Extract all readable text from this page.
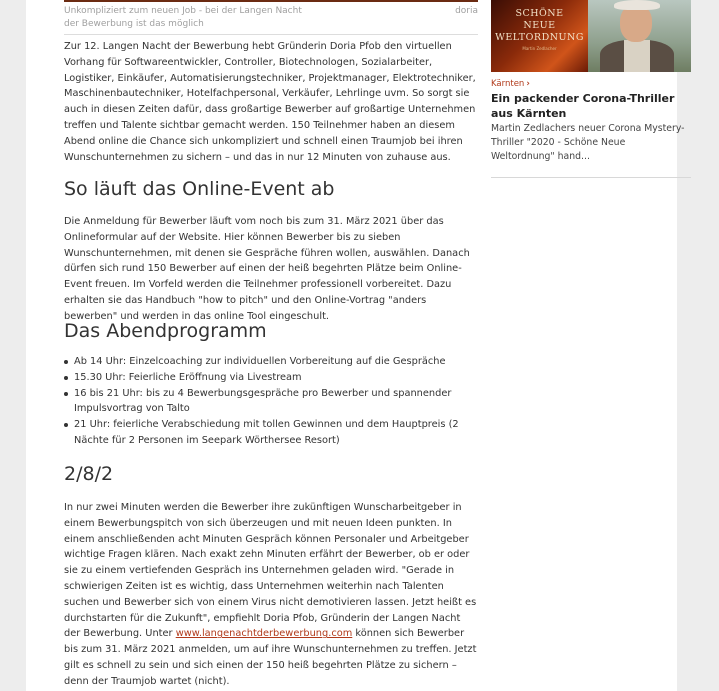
Unkompliziert zum neuen Job - bei der Langen Nacht der Bewerbung ist das möglich
doria

Zur 12. Langen Nacht der Bewerbung hebt Gründerin Doria Pfob den virtuellen Vorhang für Softwareentwickler, Controller, Biotechnologen, Sozialarbeiter, Logistiker, Einkäufer, Automatisierungstechniker, Projektmanager, Elektrotechniker, Maschinenbautechniker, Hotelfachpersonal, Verkäufer, Lehrlinge uvm. So sorgt sie auch in diesen Zeiten dafür, dass großartige Bewerber auf großartige Unternehmen treffen und Talente sichtbar gemacht werden. 150 Teilnehmer haben an diesem Abend online die Chance sich unkompliziert und schnell einen Traumjob bei ihren Wunschunternehmen zu sichern – und das in nur 12 Minuten von zuhause aus.

So läuft das Online-Event ab

Die Anmeldung für Bewerber läuft vom noch bis zum 31. März 2021 über das Onlineformular auf der Website. Hier können Bewerber bis zu sieben Wunschunternehmen, mit denen sie Gespräche führen wollen, auswählen. Danach dürfen sich rund 150 Bewerber auf einen der heiß begehrten Plätze beim Online-Event freuen. Im Vorfeld werden die Teilnehmer professionell vorbereitet. Dazu erhalten sie das Handbuch "how to pitch" und den Online-Vortrag "anders bewerben" und werden in das online Tool eingeschult.

Das Abendprogramm
Ab 14 Uhr: Einzelcoaching zur individuellen Vorbereitung auf die Gespräche
15.30 Uhr: Feierliche Eröffnung via Livestream
16 bis 21 Uhr: bis zu 4 Bewerbungsgespräche pro Bewerber und spannender Impulsvortrag von Talto
21 Uhr: feierliche Verabschiedung mit tollen Gewinnen und dem Hauptpreis (2 Nächte für 2 Personen im Seepark Wörthersee Resort)
2/8/2

In nur zwei Minuten werden die Bewerber ihre zukünftigen Wunscharbeitgeber in einem Bewerbungspitch von sich überzeugen und mit neuen Ideen punkten. In einem anschließenden acht Minuten Gespräch können Personaler und Arbeitgeber wichtige Fragen klären. Nach exakt zehn Minuten erfährt der Bewerber, ob er oder sie zu einem vertiefenden Gespräch ins Unternehmen geladen wird. "Gerade in schwierigen Zeiten ist es wichtig, dass Unternehmen weiterhin nach Talenten suchen und Bewerber sich von einem Virus nicht demotivieren lassen. Jetzt heißt es durchstarten für die Zukunft", empfiehlt Doria Pfob, Gründerin der Langen Nacht der Bewerbung. Unter www.langenachtderbewerbung.com können sich Bewerber bis zum 31. März 2021 anmelden, um auf ihre Wunschunternehmen zu treffen. Jetzt gilt es schnell zu sein und sich einen der 150 heiß begehrten Plätze zu sichern – denn der Traumjob wartet (nicht).

SCHÖNE
NEUE
WELTORDNUNG
Martin Zedlacher
Kärnten ›
Ein packender Corona-Thriller aus Kärnten

Martin Zedlachers neuer Corona Mystery-Thriller "2020 - Schöne Neue Weltordnung" hand...
